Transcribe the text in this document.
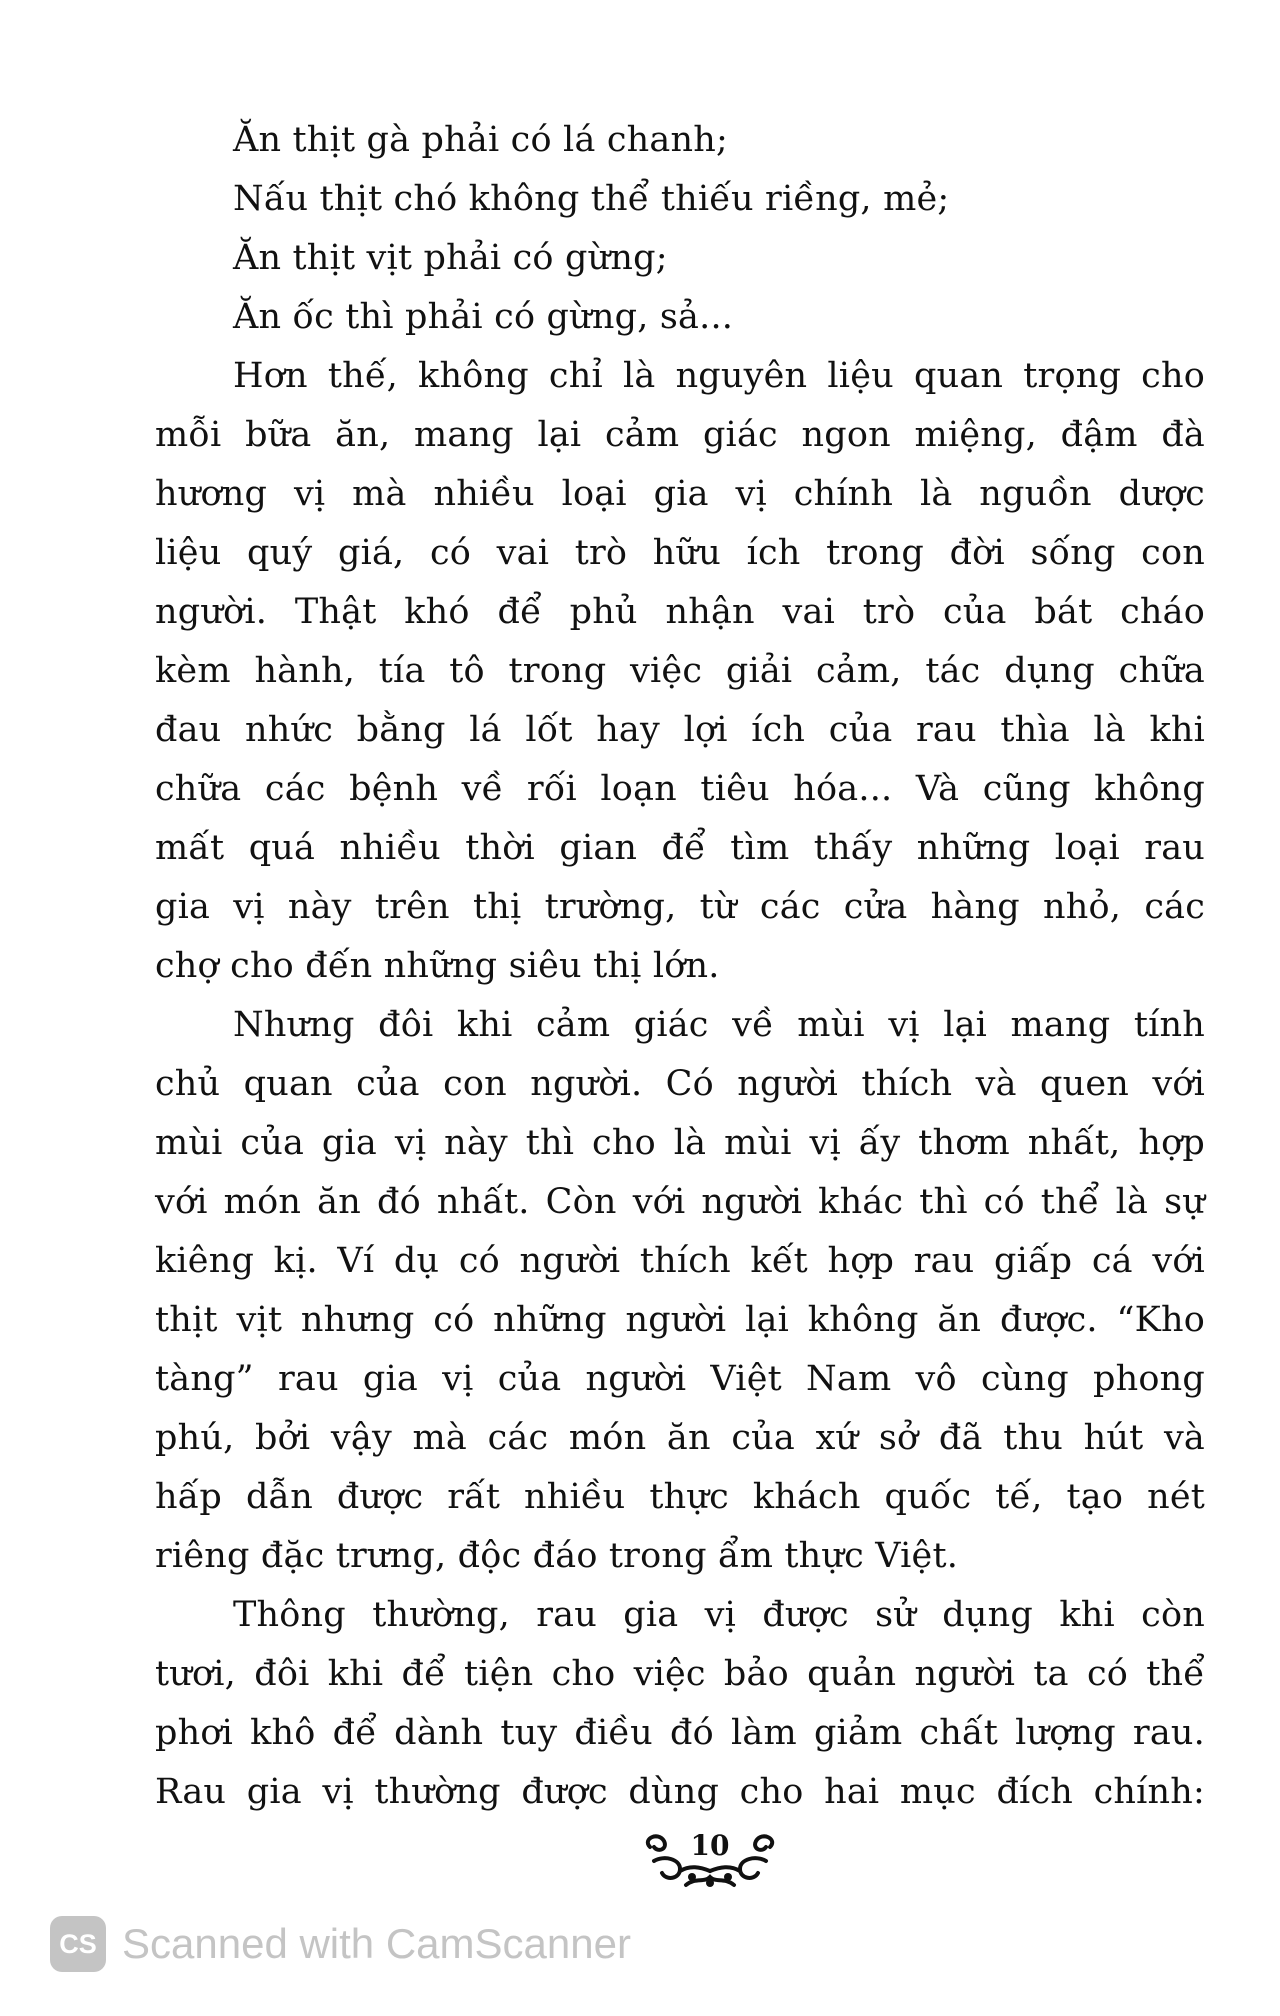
Ăn thịt gà phải có lá chanh;
Nấu thịt chó không thể thiếu riềng, mẻ;
Ăn thịt vịt phải có gừng;
Ăn ốc thì phải có gừng, sả...
Hơn thế, không chỉ là nguyên liệu quan trọng cho
mỗi bữa ăn, mang lại cảm giác ngon miệng, đậm đà
hương vị mà nhiều loại gia vị chính là nguồn dược
liệu quý giá, có vai trò hữu ích trong đời sống con
người. Thật khó để phủ nhận vai trò của bát cháo
kèm hành, tía tô trong việc giải cảm, tác dụng chữa
đau nhức bằng lá lốt hay lợi ích của rau thìa là khi
chữa các bệnh về rối loạn tiêu hóa... Và cũng không
mất quá nhiều thời gian để tìm thấy những loại rau
gia vị này trên thị trường, từ các cửa hàng nhỏ, các
chợ cho đến những siêu thị lớn.
Nhưng đôi khi cảm giác về mùi vị lại mang tính
chủ quan của con người. Có người thích và quen với
mùi của gia vị này thì cho là mùi vị ấy thơm nhất, hợp
với món ăn đó nhất. Còn với người khác thì có thể là sự
kiêng kị. Ví dụ có người thích kết hợp rau giấp cá với
thịt vịt nhưng có những người lại không ăn được. “Kho
tàng” rau gia vị của người Việt Nam vô cùng phong
phú, bởi vậy mà các món ăn của xứ sở đã thu hút và
hấp dẫn được rất nhiều thực khách quốc tế, tạo nét
riêng đặc trưng, độc đáo trong ẩm thực Việt.
Thông thường, rau gia vị được sử dụng khi còn
tươi, đôi khi để tiện cho việc bảo quản người ta có thể
phơi khô để dành tuy điều đó làm giảm chất lượng rau.
Rau gia vị thường được dùng cho hai mục đích chính:
10
CS Scanned with CamScanner
